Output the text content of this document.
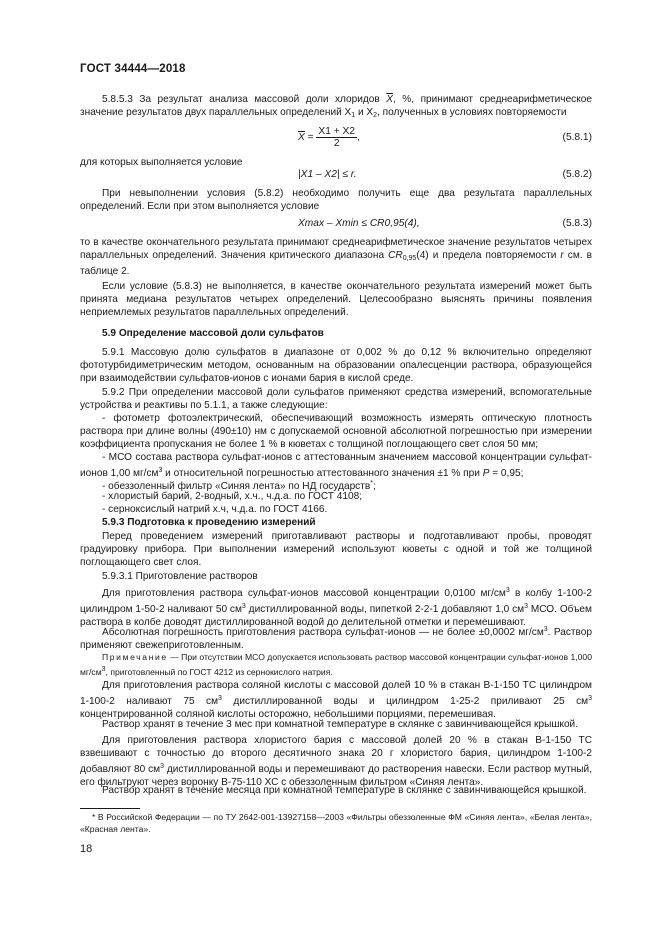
ГОСТ 34444—2018

5.8.5.3 За результат анализа массовой доли хлоридов $\overline{X}$, %, принимают среднеарифметическое значение результатов двух параллельных определений $X_1$ и $X_2$, полученных в условиях повторяемости

$\overline{X} = \frac{X1 + X2}{2}$ ,	(5.8.1)

для которых выполняется условие

|X1 – X2| ≤ r.	(5.8.2)

При невыполнении условия (5.8.2) необходимо получить еще два результата параллельных определений. Если при этом выполняется условие

Xmax – Xmin ≤ CR0,95(4),	(5.8.3)

то в качестве окончательного результата принимают среднеарифметическое значение результатов четырех параллельных определений. Значения критического диапазона $CR_{0,95}(4)$ и предела повторяемости r см. в таблице 2.

Если условие (5.8.3) не выполняется, в качестве окончательного результата измерений может быть принята медиана результатов четырех определений. Целесообразно выяснять причины появления неприемлемых результатов параллельных определений.

5.9 Определение массовой доли сульфатов

5.9.1 Массовую долю сульфатов в диапазоне от 0,002 % до 0,12 % включительно определяют фототурбидиметрическим методом, основанным на образовании опалесценции раствора, образующейся при взаимодействии сульфатов-ионов с ионами бария в кислой среде.

5.9.2 При определении массовой доли сульфатов применяют средства измерений, вспомогательные устройства и реактивы по 5.1.1, а также следующие:

- фотометр фотоэлектрический, обеспечивающий возможность измерять оптическую плотность раствора при длине волны (490±10) нм с допускаемой основной абсолютной погрешностью при измерении коэффициента пропускания не более 1 % в кюветах с толщиной поглощающего свет слоя 50 мм;

- МСО состава раствора сульфат-ионов с аттестованным значением массовой концентрации сульфат-ионов 1,00 $мг/см^3$ и относительной погрешностью аттестованного значения ±1 % при P = 0,95;

- обеззоленный фильтр «Синяя лента» по НД государств*;

- хлористый барий, 2-водный, х.ч., ч.д.а. по ГОСТ 4108;

- серноксислый натрий х.ч, ч.д.а. по ГОСТ 4166.

5.9.3 Подготовка к проведению измерений

Перед проведением измерений приготавливают растворы и подготавливают пробы, проводят градуировку прибора. При выполнении измерений используют кюветы с одной и той же толщиной поглощающего свет слоя.

5.9.3.1 Приготовление растворов

Для приготовления раствора сульфат-ионов массовой концентрации 0,0100 $мг/см^3$ в колбу 1-100-2 цилиндром 1-50-2 наливают 50 $см^3$ дистиллированной воды, пипеткой 2-2-1 добавляют 1,0 $см^3$ МСО. Объем раствора в колбе доводят дистиллированной водой до делительной отметки и перемешивают.

Абсолютная погрешность приготовления раствора сульфат-ионов — не более ±0,0002 $мг/см^3$. Раствор применяют свежеприготовленным.

Примечание — При отсутствии МСО допускается использовать раствор массовой концентрации сульфат-ионов 1,000 $мг/см^3$, приготовленный по ГОСТ 4212 из сернокислого натрия.

Для приготовления раствора соляной кислоты с массовой долей 10 % в стакан В-1-150 ТС цилиндром 1-100-2 наливают 75 $см^3$ дистиллированной воды и цилиндром 1-25-2 приливают 25 $см^3$ концентрированной соляной кислоты осторожно, небольшими порциями, перемешивая.

Раствор хранят в течение 3 мес при комнатной температуре в склянке с завинчивающейся крышкой.

Для приготовления раствора хлористого бария с массовой долей 20 % в стакан В-1-150 ТС взвешивают с точностью до второго десятичного знака 20 г хлористого бария, цилиндром 1-100-2 добавляют 80 $см^3$ дистиллированной воды и перемешивают до растворения навески. Если раствор мутный, его фильтруют через воронку В-75-110 ХС с обеззоленным фильтром «Синяя лента».

Раствор хранят в течение месяца при комнатной температуре в склянке с завинчивающейся крышкой.

* В Российской Федерации — по ТУ 2642-001-13927158—2003 «Фильтры обеззоленные ФМ «Синяя лента», «Белая лента», «Красная лента».

18
